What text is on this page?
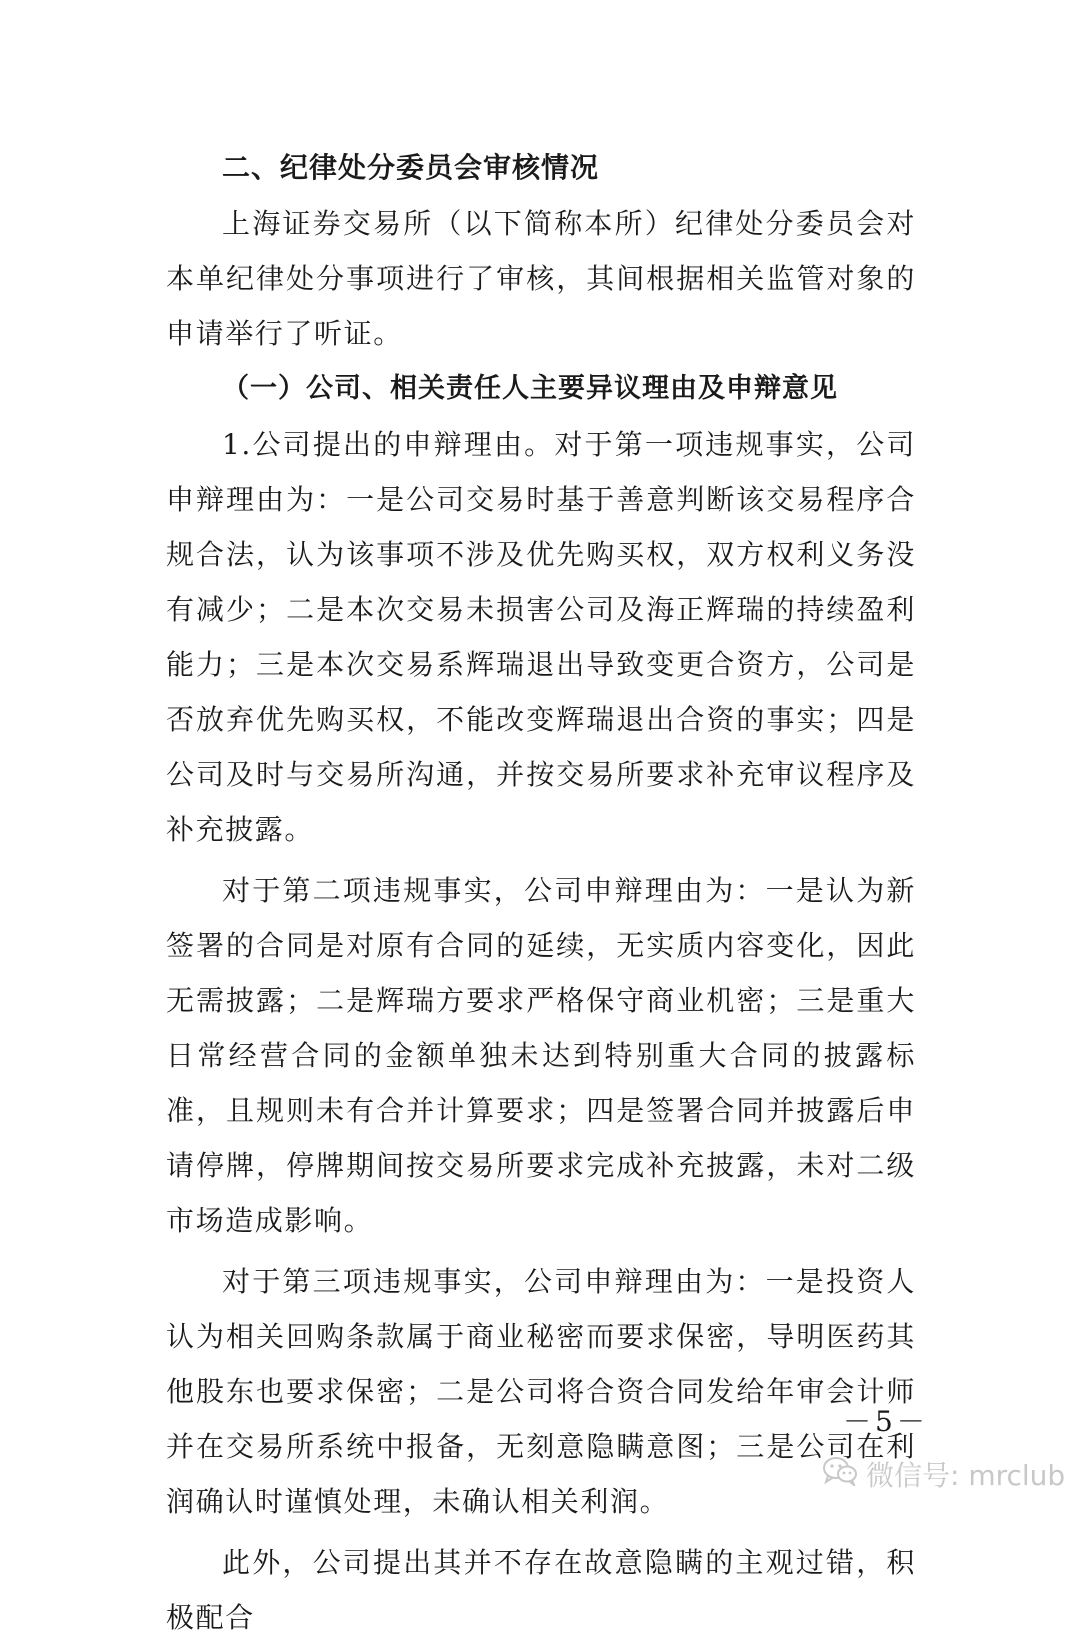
二、纪律处分委员会审核情况

上海证券交易所（以下简称本所）纪律处分委员会对本单纪律处分事项进行了审核，其间根据相关监管对象的申请举行了听证。

（一）公司、相关责任人主要异议理由及申辩意见

1.公司提出的申辩理由。对于第一项违规事实，公司申辩理由为：一是公司交易时基于善意判断该交易程序合规合法，认为该事项不涉及优先购买权，双方权利义务没有减少；二是本次交易未损害公司及海正辉瑞的持续盈利能力；三是本次交易系辉瑞退出导致变更合资方，公司是否放弃优先购买权，不能改变辉瑞退出合资的事实；四是公司及时与交易所沟通，并按交易所要求补充审议程序及补充披露。

对于第二项违规事实，公司申辩理由为：一是认为新签署的合同是对原有合同的延续，无实质内容变化，因此无需披露；二是辉瑞方要求严格保守商业机密；三是重大日常经营合同的金额单独未达到特别重大合同的披露标准，且规则未有合并计算要求；四是签署合同并披露后申请停牌，停牌期间按交易所要求完成补充披露，未对二级市场造成影响。

对于第三项违规事实，公司申辩理由为：一是投资人认为相关回购条款属于商业秘密而要求保密，导明医药其他股东也要求保密；二是公司将合资合同发给年审会计师并在交易所系统中报备，无刻意隐瞒意图；三是公司在利润确认时谨慎处理，未确认相关利润。

此外，公司提出其并不存在故意隐瞒的主观过错，积极配合

－5－
微信号: mrclub
